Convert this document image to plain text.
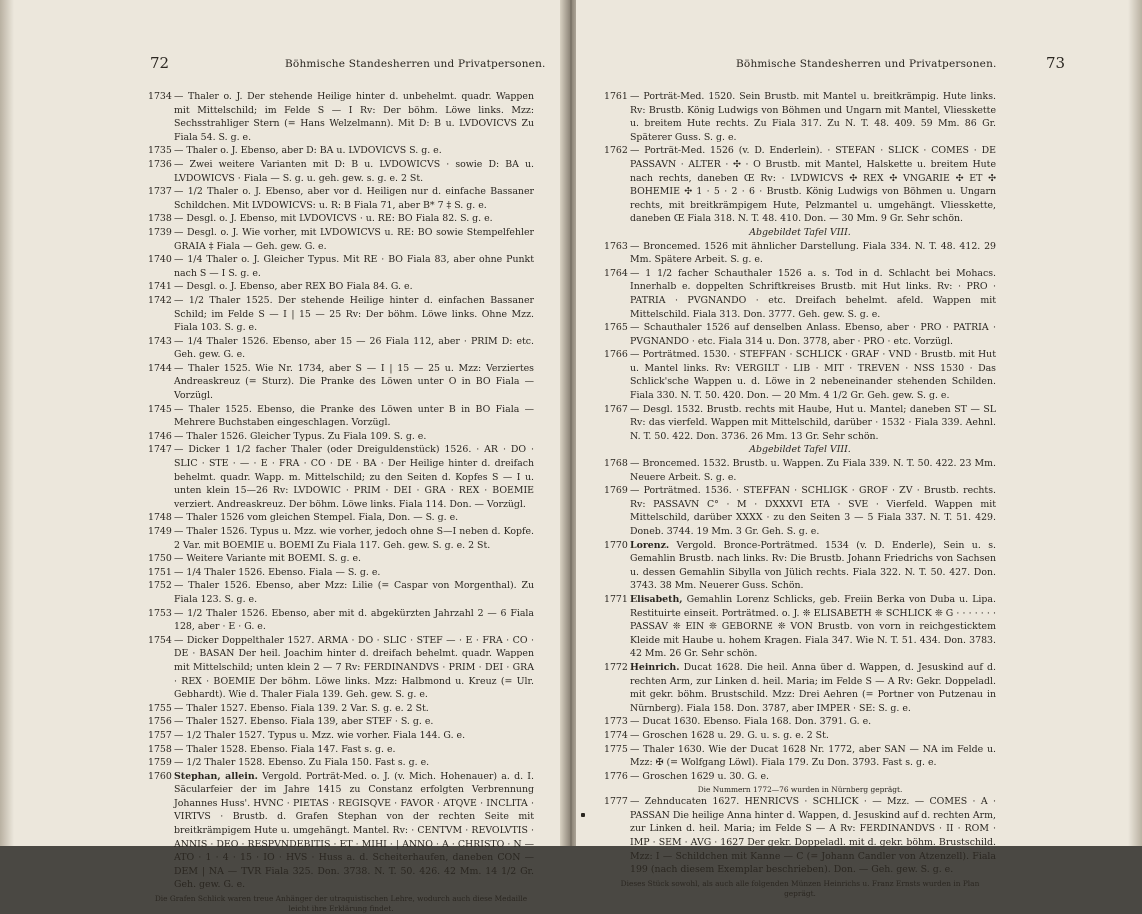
72	Böhmische Standesherren und Privatpersonen.
1734 — Thaler o. J. Der stehende Heilige hinter d. unbehelmt. quadr. Wappen mit Mittelschild; im Felde S — I Rv: Der böhm. Löwe links. Mzz: Sechsstrahliger Stern (= Hans Welzelmann). Mit D: B u. LVDOVICVS Zu Fiala 54. S. g. e.
1735 — Thaler o. J. Ebenso, aber D: BA u. LVDOVICVS S. g. e.
1736 — Zwei weitere Varianten mit D: B u. LVDOWICVS · sowie D: BA u. LVDOWICVS · Fiala — S. g. u. geh. gew. s. g. e. 2 St.
1737 — 1/2 Thaler o. J. Ebenso, aber vor d. Heiligen nur d. einfache Bassaner Schildchen. Mit LVDOWICVS: u. R: B Fiala 71, aber B* 7 ‡ S. g. e.
1738 — Desgl. o. J. Ebenso, mit LVDOVICVS · u. RE: BO Fiala 82. S. g. e.
1739 — Desgl. o. J. Wie vorher, mit LVDOWICVS u. RE: BO sowie Stempelfehler GRAIA ‡ Fiala — Geh. gew. G. e.
1740 — 1/4 Thaler o. J. Gleicher Typus. Mit RE · BO Fiala 83, aber ohne Punkt nach S — I S. g. e.
1741 — Desgl. o. J. Ebenso, aber REX BO Fiala 84. G. e.
1742 — 1/2 Thaler 1525. Der stehende Heilige hinter d. einfachen Bassaner Schild; im Felde S — I | 15 — 25 Rv: Der böhm. Löwe links. Ohne Mzz. Fiala 103. S. g. e.
1743 — 1/4 Thaler 1526. Ebenso, aber 15 — 26 Fiala 112, aber · PRIM D: etc. Geh. gew. G. e.
1744 — Thaler 1525. Wie Nr. 1734, aber S — I | 15 — 25 u. Mzz: Verziertes Andreaskreuz (= Sturz). Die Pranke des Löwen unter O in BO Fiala — Vorzügl.
1745 — Thaler 1525. Ebenso, die Pranke des Löwen unter B in BO Fiala — Mehrere Buchstaben eingeschlagen. Vorzügl.
1746 — Thaler 1526. Gleicher Typus. Zu Fiala 109. S. g. e.
1747 — Dicker 1 1/2 facher Thaler (oder Dreiguldenstück) 1526. · AR · DO · SLIC · STE · — · E · FRA · CO · DE · BA · Der Heilige hinter d. dreifach behelmt. quadr. Wapp. m. Mittelschild; zu den Seiten d. Kopfes S — I u. unten klein 15—26 Rv: LVDOWIC · PRIM · DEI · GRA · REX · BOEMIE verziert. Andreaskreuz. Der böhm. Löwe links. Fiala 114. Don. — Vorzügl.
1748 — Thaler 1526 vom gleichen Stempel. Fiala, Don. — S. g. e.
1749 — Thaler 1526. Typus u. Mzz. wie vorher, jedoch ohne S—I neben d. Kopfe. 2 Var. mit BOEMIE u. BOEMI Zu Fiala 117. Geh. gew. S. g. e. 2 St.
1750 — Weitere Variante mit BOEMI. S. g. e.
1751 — 1/4 Thaler 1526. Ebenso. Fiala — S. g. e.
1752 — Thaler 1526. Ebenso, aber Mzz: Lilie (= Caspar von Morgenthal). Zu Fiala 123. S. g. e.
1753 — 1/2 Thaler 1526. Ebenso, aber mit d. abgekürzten Jahrzahl 2 — 6 Fiala 128, aber · E · G. e.
1754 — Dicker Doppelthaler 1527. ARMA · DO · SLIC · STEF — · E · FRA · CO · DE · BASAN Der heil. Joachim hinter d. dreifach behelmt. quadr. Wappen mit Mittelschild; unten klein 2 — 7 Rv: FERDINANDVS · PRIM · DEI · GRA · REX · BOEMIE Der böhm. Löwe links. Mzz: Halbmond u. Kreuz (= Ulr. Gebhardt). Wie d. Thaler Fiala 139. Geh. gew. S. g. e.
1755 — Thaler 1527. Ebenso. Fiala 139. 2 Var. S. g. e. 2 St.
1756 — Thaler 1527. Ebenso. Fiala 139, aber STEF · S. g. e.
1757 — 1/2 Thaler 1527. Typus u. Mzz. wie vorher. Fiala 144. G. e.
1758 — Thaler 1528. Ebenso. Fiala 147. Fast s. g. e.
1759 — 1/2 Thaler 1528. Ebenso. Zu Fiala 150. Fast s. g. e.
1760 Stephan, allein. Vergold. Porträt-Med. o. J. (v. Mich. Hohenauer) a. d. I. Säcularfeier der im Jahre 1415 zu Constanz erfolgten Verbrennung Johannes Huss'. HVNC · PIETAS · REGISQVE · FAVOR · ATQVE · INCLITA · VIRTVS · Brustb. d. Grafen Stephan von der rechten Seite mit breitkrämpigem Hute u. umgehängt. Mantel. Rv: · CENTVM · REVOLVTIS · ANNIS · DEO · RESPVNDEBITIS · ET · MIHI · | ANNO · A · CHRISTO · N — ATO · 1 · 4 · 15 · IO · HVS · Huss a. d. Scheiterhaufen, daneben CON — DEM | NA — TVR Fiala 325. Don. 3738. N. T. 50. 426. 42 Mm. 14 1/2 Gr. Geh. gew. G. e.
Die Grafen Schlick waren treue Anhänger der utraquistischen Lehre, wodurch auch diese Medaille leicht ihre Erklärung findet.
73
Böhmische Standesherren und Privatpersonen.
1761 — Porträt-Med. 1520. Sein Brustb. mit Mantel u. breitkrämpig. Hute links. Rv: Brustb. König Ludwigs von Böhmen und Ungarn mit Mantel, Vliesskette u. breitem Hute rechts. Zu Fiala 317. Zu N. T. 48. 409. 59 Mm. 86 Gr. Späterer Guss. S. g. e.
1762 — Porträt-Med. 1526 (v. D. Enderlein). · STEFAN · SLICK · COMES · DE PASSAVN · ALTER · ✣ · O Brustb. mit Mantel, Halskette u. breitem Hute nach rechts, daneben Œ Rv: · LVDWICVS ✣ REX ✣ VNGARIE ✣ ET ✣ BOHEMIE ✣ 1 · 5 · 2 · 6 · Brustb. König Ludwigs von Böhmen u. Ungarn rechts, mit breitkrämpigem Hute, Pelzmantel u. umgehängt. Vliesskette, daneben Œ Fiala 318. N. T. 48. 410. Don. — 30 Mm. 9 Gr. Sehr schön.
Abgebildet Tafel VIII.
1763 — Broncemed. 1526 mit ähnlicher Darstellung. Fiala 334. N. T. 48. 412. 29 Mm. Spätere Arbeit. S. g. e.
1764 — 1 1/2 facher Schauthaler 1526 a. s. Tod in d. Schlacht bei Mohacs. Innerhalb e. doppelten Schriftkreises Brustb. mit Hut links. Rv: · PRO · PATRIA · PVGNANDO · etc. Dreifach behelmt. afeld. Wappen mit Mittelschild. Fiala 313. Don. 3777. Geh. gew. S. g. e.
1765 — Schauthaler 1526 auf denselben Anlass. Ebenso, aber · PRO · PATRIA · PVGNANDO · etc. Fiala 314 u. Don. 3778, aber · PRO · etc. Vorzügl.
1766 — Porträtmed. 1530. · STEFFAN · SCHLICK · GRAF · VND · Brustb. mit Hut u. Mantel links. Rv: VERGILT · LIB · MIT · TREVEN · NSS 1530 · Das Schlick'sche Wappen u. d. Löwe in 2 nebeneinander stehenden Schilden. Fiala 330. N. T. 50. 420. Don. — 20 Mm. 4 1/2 Gr. Geh. gew. S. g. e.
1767 — Desgl. 1532. Brustb. rechts mit Haube, Hut u. Mantel; daneben ST — SL Rv: das vierfeld. Wappen mit Mittelschild, darüber · 1532 · Fiala 339. Aehnl. N. T. 50. 422. Don. 3736. 26 Mm. 13 Gr. Sehr schön.
Abgebildet Tafel VIII.
1768 — Broncemed. 1532. Brustb. u. Wappen. Zu Fiala 339. N. T. 50. 422. 23 Mm. Neuere Arbeit. S. g. e.
1769 — Porträtmed. 1536. · STEFFAN · SCHLIGK · GROF · ZV · Brustb. rechts. Rv: PASSAVN C° · M · DXXXVI ETA · SVE · Vierfeld. Wappen mit Mittelschild, darüber XXXX · zu den Seiten 3 — 5 Fiala 337. N. T. 51. 429. Doneb. 3744. 19 Mm. 3 Gr. Geh. S. g. e.
1770 Lorenz. Vergold. Bronce-Porträtmed. 1534 (v. D. Enderle), Sein u. s. Gemahlin Brustb. nach links. Rv: Die Brustb. Johann Friedrichs von Sachsen u. dessen Gemahlin Sibylla von Jülich rechts. Fiala 322. N. T. 50. 427. Don. 3743. 38 Mm. Neuerer Guss. Schön.
1771 Elisabeth, Gemahlin Lorenz Schlicks, geb. Freiin Berka von Duba u. Lipa. Restituirte einseit. Porträtmed. o. J. ❊ ELISABETH ❊ SCHLICK ❊ G · · · · · · · PASSAV ❊ EIN ❊ GEBORNE ❊ VON Brustb. von vorn in reichgesticktem Kleide mit Haube u. hohem Kragen. Fiala 347. Wie N. T. 51. 434. Don. 3783. 42 Mm. 26 Gr. Sehr schön.
1772 Heinrich. Ducat 1628. Die heil. Anna über d. Wappen, d. Jesuskind auf d. rechten Arm, zur Linken d. heil. Maria; im Felde S — A Rv: Gekr. Doppeladl. mit gekr. böhm. Brustschild. Mzz: Drei Aehren (= Portner von Putzenau in Nürnberg). Fiala 158. Don. 3787, aber IMPER · SE: S. g. e.
1773 — Ducat 1630. Ebenso. Fiala 168. Don. 3791. G. e.
1774 — Groschen 1628 u. 29. G. u. s. g. e. 2 St.
1775 — Thaler 1630. Wie der Ducat 1628 Nr. 1772, aber SAN — NA im Felde u. Mzz: ✠ (= Wolfgang Löwl). Fiala 179. Zu Don. 3793. Fast s. g. e.
1776 — Groschen 1629 u. 30. G. e.
Die Nummern 1772—76 wurden in Nürnberg geprägt.
1777 — Zehnducaten 1627. HENRICVS · SCHLICK · — Mzz. — COMES · A · PASSAN Die heilige Anna hinter d. Wappen, d. Jesuskind auf d. rechten Arm, zur Linken d. heil. Maria; im Felde S — A Rv: FERDINANDVS · II · ROM · IMP · SEM · AVG · 1627 Der gekr. Doppeladl. mit d. gekr. böhm. Brustschild. Mzz: I — Schildchen mit Kanne — C (= Johann Candler von Atzenzell). Fiala 199 (nach diesem Exemplar beschrieben). Don. — Geh. gew. S. g. e.
Dieses Stück sowohl, als auch alle folgenden Münzen Heinrichs u. Franz Ernsts wurden in Plan geprägt.
